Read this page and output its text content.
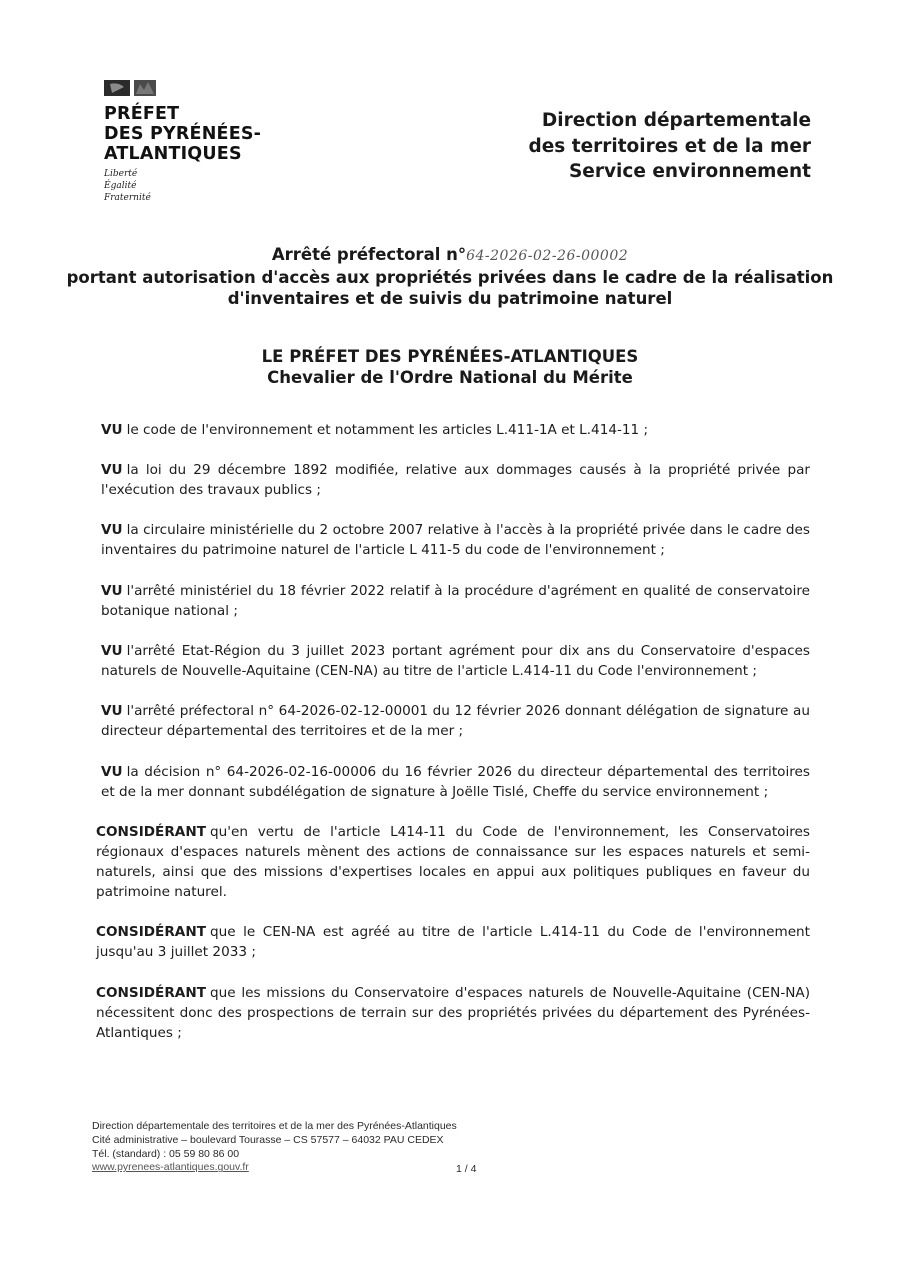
PRÉFET
DES PYRÉNÉES-
ATLANTIQUES
Liberté
Égalité
Fraternité
Direction départementale
des territoires et de la mer
Service environnement
Arrêté préfectoral n°64-2026-02-26-00002
portant autorisation d'accès aux propriétés privées dans le cadre de la réalisation
d'inventaires et de suivis du patrimoine naturel
LE PRÉFET DES PYRÉNÉES-ATLANTIQUES
Chevalier de l'Ordre National du Mérite

VU le code de l'environnement et notamment les articles L.411-1A et L.414-11 ;

VU la loi du 29 décembre 1892 modifiée, relative aux dommages causés à la propriété privée par l'exécution des travaux publics ;

VU la circulaire ministérielle du 2 octobre 2007 relative à l'accès à la propriété privée dans le cadre des inventaires du patrimoine naturel de l'article L 411-5 du code de l'environnement ;

VU l'arrêté ministériel du 18 février 2022 relatif à la procédure d'agrément en qualité de conservatoire botanique national ;

VU l'arrêté Etat-Région du 3 juillet 2023 portant agrément pour dix ans du Conservatoire d'espaces naturels de Nouvelle-Aquitaine (CEN-NA) au titre de l'article L.414-11 du Code l'environnement ;

VU l'arrêté préfectoral n° 64-2026-02-12-00001 du 12 février 2026 donnant délégation de signature au directeur départemental des territoires et de la mer ;

VU la décision n° 64-2026-02-16-00006 du 16 février 2026 du directeur départemental des territoires et de la mer donnant subdélégation de signature à Joëlle Tislé, Cheffe du service environnement ;

CONSIDÉRANT qu'en vertu de l'article L414-11 du Code de l'environnement, les Conservatoires régionaux d'espaces naturels mènent des actions de connaissance sur les espaces naturels et semi-naturels, ainsi que des missions d'expertises locales en appui aux politiques publiques en faveur du patrimoine naturel.

CONSIDÉRANT que le CEN-NA est agréé au titre de l'article L.414-11 du Code de l'environnement jusqu'au 3 juillet 2033 ;

CONSIDÉRANT que les missions du Conservatoire d'espaces naturels de Nouvelle-Aquitaine (CEN-NA) nécessitent donc des prospections de terrain sur des propriétés privées du département des Pyrénées-Atlantiques ;

Direction départementale des territoires et de la mer des Pyrénées-Atlantiques
Cité administrative – boulevard Tourasse – CS 57577 – 64032 PAU CEDEX
Tél. (standard) : 05 59 80 86 00
www.pyrenees-atlantiques.gouv.fr	1 / 4
